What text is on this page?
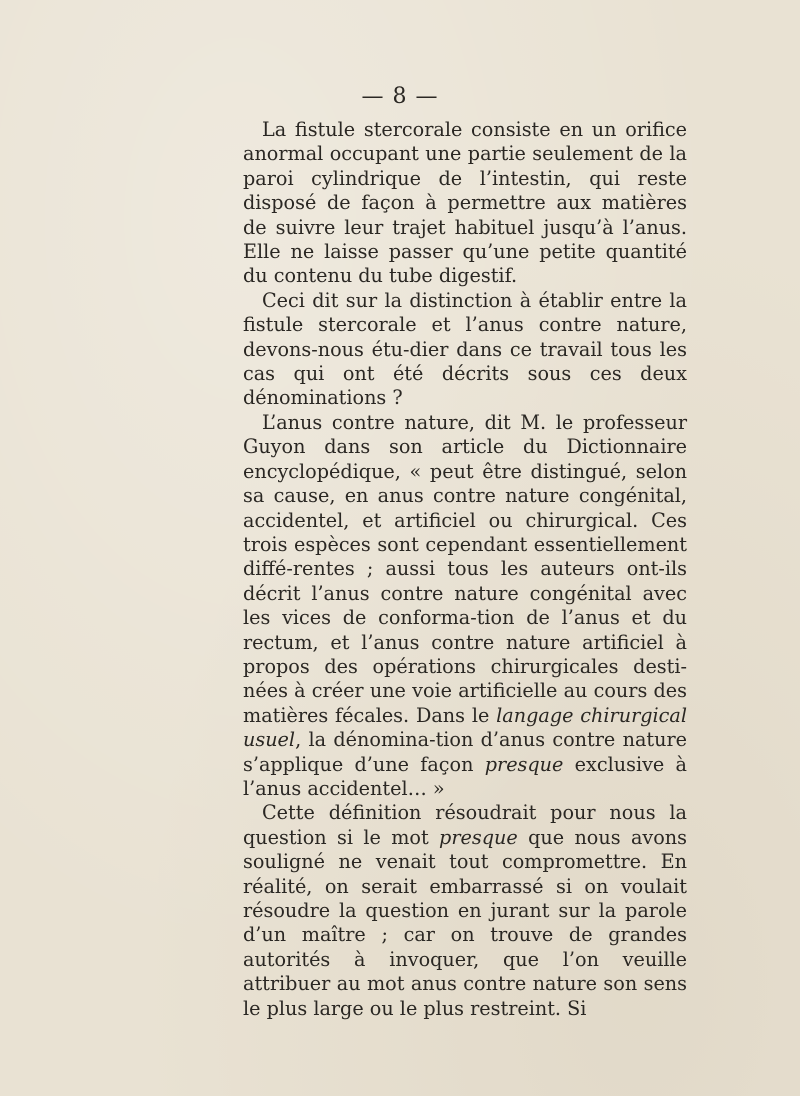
— 8 —

La fistule stercorale consiste en un orifice anormal occupant une partie seulement de la paroi cylindrique de l’intestin, qui reste disposé de façon à permettre aux matières de suivre leur trajet habituel jusqu’à l’anus. Elle ne laisse passer qu’une petite quantité du contenu du tube digestif.

Ceci dit sur la distinction à établir entre la fistule stercorale et l’anus contre nature, devons-nous étu-dier dans ce travail tous les cas qui ont été décrits sous ces deux dénominations ?

L’anus contre nature, dit M. le professeur Guyon dans son article du Dictionnaire encyclopédique, « peut être distingué, selon sa cause, en anus contre nature congénital, accidentel, et artificiel ou chirurgical. Ces trois espèces sont cependant essentiellement diffé-rentes ; aussi tous les auteurs ont-ils décrit l’anus contre nature congénital avec les vices de conforma-tion de l’anus et du rectum, et l’anus contre nature artificiel à propos des opérations chirurgicales desti-nées à créer une voie artificielle au cours des matières fécales. Dans le langage chirurgical usuel, la dénomina-tion d’anus contre nature s’applique d’une façon presque exclusive à l’anus accidentel… »

Cette définition résoudrait pour nous la question si le mot presque que nous avons souligné ne venait tout compromettre. En réalité, on serait embarrassé si on voulait résoudre la question en jurant sur la parole d’un maître ; car on trouve de grandes autorités à invoquer, que l’on veuille attribuer au mot anus contre nature son sens le plus large ou le plus restreint. Si
